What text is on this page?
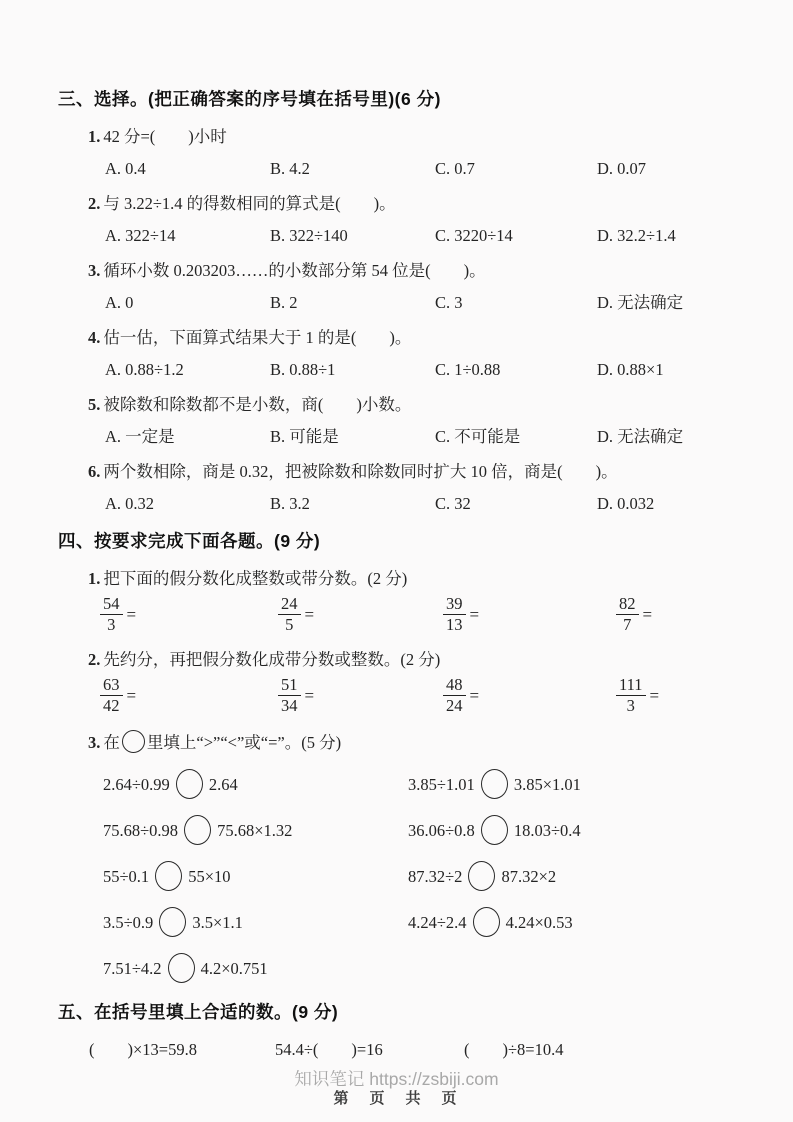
三、选择。(把正确答案的序号填在括号里)(6 分)
1. 42 分=(　　)小时
A. 0.4	B. 4.2	C. 0.7	D. 0.07
2. 与 3.22÷1.4 的得数相同的算式是(　　)。
A. 322÷14	B. 322÷140	C. 3220÷14	D. 32.2÷1.4
3. 循环小数 0.203203……的小数部分第 54 位是(　　)。
A. 0	B. 2	C. 3	D. 无法确定
4. 估一估，下面算式结果大于 1 的是(　　)。
A. 0.88÷1.2	B. 0.88÷1	C. 1÷0.88	D. 0.88×1
5. 被除数和除数都不是小数，商(　　)小数。
A. 一定是	B. 可能是	C. 不可能是	D. 无法确定
6. 两个数相除，商是 0.32，把被除数和除数同时扩大 10 倍，商是(　　)。
A. 0.32	B. 3.2	C. 32	D. 0.032
四、按要求完成下面各题。(9 分)
1. 把下面的假分数化成整数或带分数。(2 分)
$\frac{54}{3}$ =	$\frac{24}{5}$ =	$\frac{39}{13}$ =	$\frac{82}{7}$ =
2. 先约分，再把假分数化成带分数或整数。(2 分)
$\frac{63}{42}$ =	$\frac{51}{34}$ =	$\frac{48}{24}$ =	$\frac{111}{3}$ =
3. 在 里填上“>”“<”或“=”。(5 分)
2.64÷0.99 2.64	3.85÷1.01 3.85×1.01
75.68÷0.98 75.68×1.32	36.06÷0.8 18.03÷0.4
55÷0.1 55×10	87.32÷2 87.32×2
3.5÷0.9 3.5×1.1	4.24÷2.4 4.24×0.53
7.51÷4.2 4.2×0.751
五、在括号里填上合适的数。(9 分)
(　　)×13=59.8	54.4÷(　　)=16	(　　)÷8=10.4
知识笔记 https://zsbiji.com
第　页　共　页
